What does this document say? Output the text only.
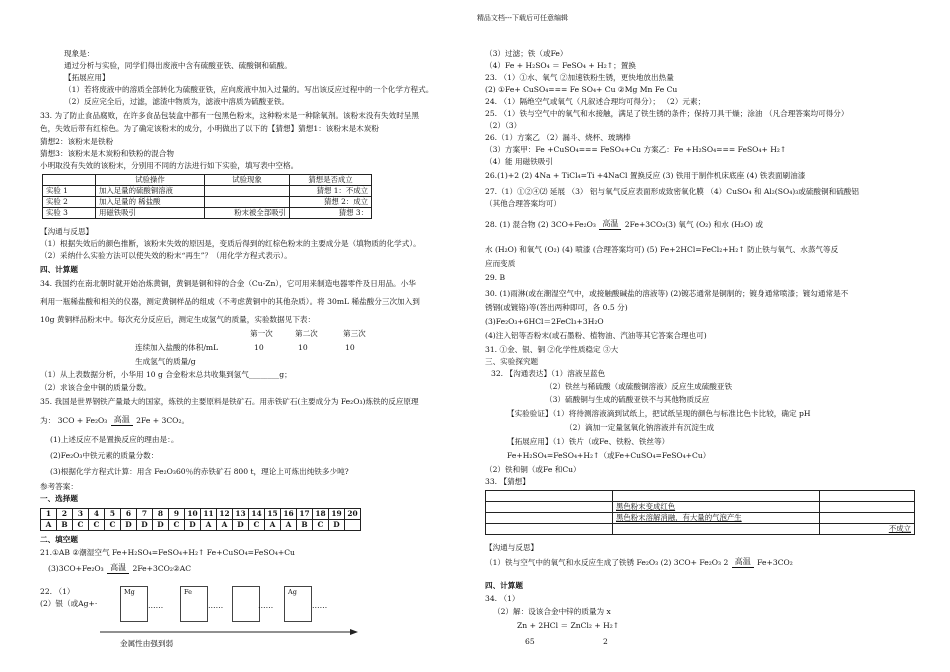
精品文档---下载后可任意编辑
现象是：
通过分析与实验，同学们得出废液中含有硫酸亚铁、硫酸铜和硫酸。
【拓展应用】
（1）若将废液中的溶质全部转化为硫酸亚铁，应向废液中加入过量的。写出该反应过程中的一个化学方程式。
（2）反应完全后，过滤，滤渣中物质为，滤液中溶质为硫酸亚铁。
33. 为了防止食品腐败，在许多食品包装盒中都有一包黑色粉末，这种粉末是一种除氧剂。该粉末没有失效时呈黑
色，失效后带有红棕色。为了确定该粉末的成分，小明做出了以下的【猜想】猜想1：该粉末是木炭粉
猜想2：该粉末是铁粉
猜想3：该粉末是木炭粉和铁粉的混合物
小明取没有失效的该粉末，分别用不同的方法进行如下实验，填写表中空格。
	试验操作	试验现象	猜想是否成立
实验 1	加入足量的硫酸铜溶液		猜想 1：不成立
实验 2	加入足量的 稀盐酸		猜想 2：成立
实验 3	用磁铁吸引	粉末被全部吸引	猜想 3：
【沟通与反思】
（1）根据失效后的颜色推断，该粉末失效的原因是，变质后得到的红棕色粉末的主要成分是（填物质的化学式）。
（2）采纳什么实验方法可以使失效的粉末“再生”？（用化学方程式表示）。
四、计算题
34. 我国约在南北朝时就开始冶炼黄铜，黄铜是铜和锌的合金（Cu-Zn），它可用来制造电器零件及日用品。小华
利用一瓶稀盐酸和相关的仪器，测定黄铜样品的组成（不考虑黄铜中的其他杂质）。将 30mL 稀盐酸分三次加入到
10g 黄铜样品粉末中。每次充分反应后，测定生成氢气的质量，实验数据见下表：
第一次	第二次	第三次
连续加入盐酸的体积/mL	10	10	10
生成氢气的质量/g
（1）从上表数据分析，小华用 10 g 合金粉末总共收集到氢气________g；
（2）求该合金中铜的质量分数。
35. 我国是世界钢铁产量最大的国家，炼铁的主要原料是铁矿石。用赤铁矿石(主要成分为 Fe₂O₃)炼铁的反应原理
为： 3CO + Fe₂O₃ 高温 2Fe + 3CO₂。
(1)上述反应不是置换反应的理由是：。
(2)Fe₂O₃中铁元素的质量分数：
(3)根据化学方程式计算：用含 Fe₂O₃60％的赤铁矿石 800 t，理论上可炼出纯铁多少吨?
参考答案：
一、选择题
1	2	3	4	5	6	7	8	9	10	11	12	13	14	15	16	17	18	19	20
A	B	C	C	C	D	D	D	C	D	A	A	D	C	A	A	B	C	D	
二、填空题
21.①AB ②潮湿空气 Fe+H₂SO₄=FeSO₄+H₂↑ Fe+CuSO₄=FeSO₄+Cu
(3)3CO+Fe₂O₃ 高温 2Fe+3CO₂②AC
22. （1）
(2）银（或Ag+·
Mg
……
Fe
……	……
Ag
……
金属性由强到弱
（3）过滤；铁（或Fe）
（4）Fe + H₂SO₄ ＝ FeSO₄ + H₂↑；置换
23. （1）①水、氧气 ②加速铁粉生锈，更快地放出热量
(2) ①Fe+ CuSO₄=== Fe SO₄+ Cu ②Mg Mn Fe Cu
24. （1）隔绝空气或氧气（凡叙述合理均可得分）； （2）元素；
25. （1）铁与空气中的氧气和水接触，满足了铁生锈的条件；保持刀具干燥；涂油 （凡合理答案均可得分）
（2）（3）
26.（1）方案乙 （2）漏斗、烧杯、玻璃棒
（3）方案甲：Fe +CuSO₄=== FeSO₄+Cu 方案乙：Fe +H₂SO₄=== FeSO₄+ H₂↑
（4）能 用磁铁吸引
26.(1)+2 (2) 4Na + TiCl₄=Ti +4NaCl 置换反应 (3) 铁用于制作机床底座 (4) 铁表面刷油漆
27.（1）①②④⑵ 延展 （3） 铝与氧气反应表面形成致密氧化膜 （4）CuSO₄ 和 Al₂(SO₄)₃或硫酸铜和硫酸铝
（其他合理答案均可）
28. (1) 混合物 (2) 3CO+Fe₂O₃ 高温 2Fe+3CO₂(3) 氧气 (O₂) 和水 (H₂O) 或
水 (H₂O) 和氧气 (O₂) (4) 喷漆 (合理答案均可) (5) Fe+2HCl=FeCl₂+H₂↑ 防止铁与氧气、水蒸气等反
应而变质
29. B
30. (1)雨淋(或在潮湿空气中，或接触酸碱盐的溶液等) (2)镀芯通常是铜制的；镀身通常喷漆；镀勾通常是不
锈钢(或镀铬)等(答出两种即可，各 0.5 分)
(3)Fe₂O₃+6HCl＝2FeCl₃+3H₂O
(4)注入铝等否粉末(或石墨粉、植物油、汽油等其它答案合理也可)
31. ①金、银、铜 ②化学性质稳定 ③大
三、实验探究题
32. 【沟通表达】（1）溶液呈蓝色
（2）铁丝与稀硫酸（或硫酸铜溶液）反应生成硫酸亚铁
（3）硫酸铜与生成的硫酸亚铁不与其他物质反应
【实验验证】（1）将待测溶液滴到试纸上，把试纸呈现的颜色与标准比色卡比较，确定 pH
（2）滴加一定量氢氧化钠溶液并有沉淀生成
【拓展应用】（1）铁片（或Fe、铁粉、铁丝等）
Fe+H₂SO₄=FeSO₄+H₂↑（或Fe+CuSO₄=FeSO₄+Cu）
（2）铁和铜（或Fe 和Cu）
33. 【猜想】

	黑色粉末变成红色	
	黑色粉末溶解消融，有大量的气泡产生	
		不成立
【沟通与反思】
（1）铁与空气中的氧气和水反应生成了铁锈 Fe₂O₃ (2) 3CO+ Fe₂O₃ 2 高温 Fe+3CO₂
四、计算题
34. （1）
（2）解：设该合金中锌的质量为 x
Zn + 2HCl ＝ ZnCl₂ + H₂↑
65	2
